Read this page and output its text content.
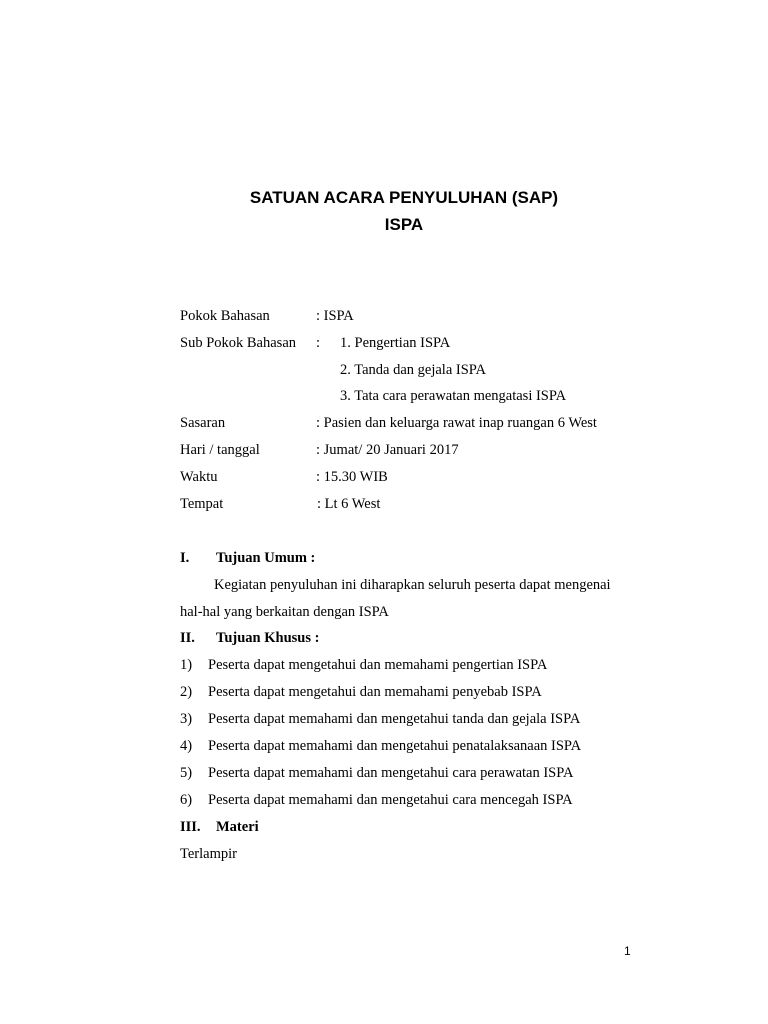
SATUAN ACARA PENYULUHAN (SAP)
ISPA
Pokok Bahasan	: ISPA
Sub Pokok Bahasan : 1. Pengertian ISPA
2. Tanda dan gejala ISPA
3. Tata cara perawatan mengatasi ISPA
Sasaran	: Pasien dan keluarga rawat inap ruangan 6 West
Hari / tanggal	: Jumat/ 20 Januari 2017
Waktu	: 15.30 WIB
Tempat	: Lt 6 West
I. Tujuan Umum :
Kegiatan penyuluhan ini diharapkan seluruh peserta dapat mengenai
hal-hal yang berkaitan dengan ISPA
II. Tujuan Khusus :
1) Peserta dapat mengetahui dan memahami pengertian ISPA
2) Peserta dapat mengetahui dan memahami penyebab ISPA
3) Peserta dapat memahami dan mengetahui tanda dan gejala ISPA
4) Peserta dapat memahami dan mengetahui penatalaksanaan ISPA
5) Peserta dapat memahami dan mengetahui cara perawatan ISPA
6) Peserta dapat memahami dan mengetahui cara mencegah ISPA
III. Materi
Terlampir
1
